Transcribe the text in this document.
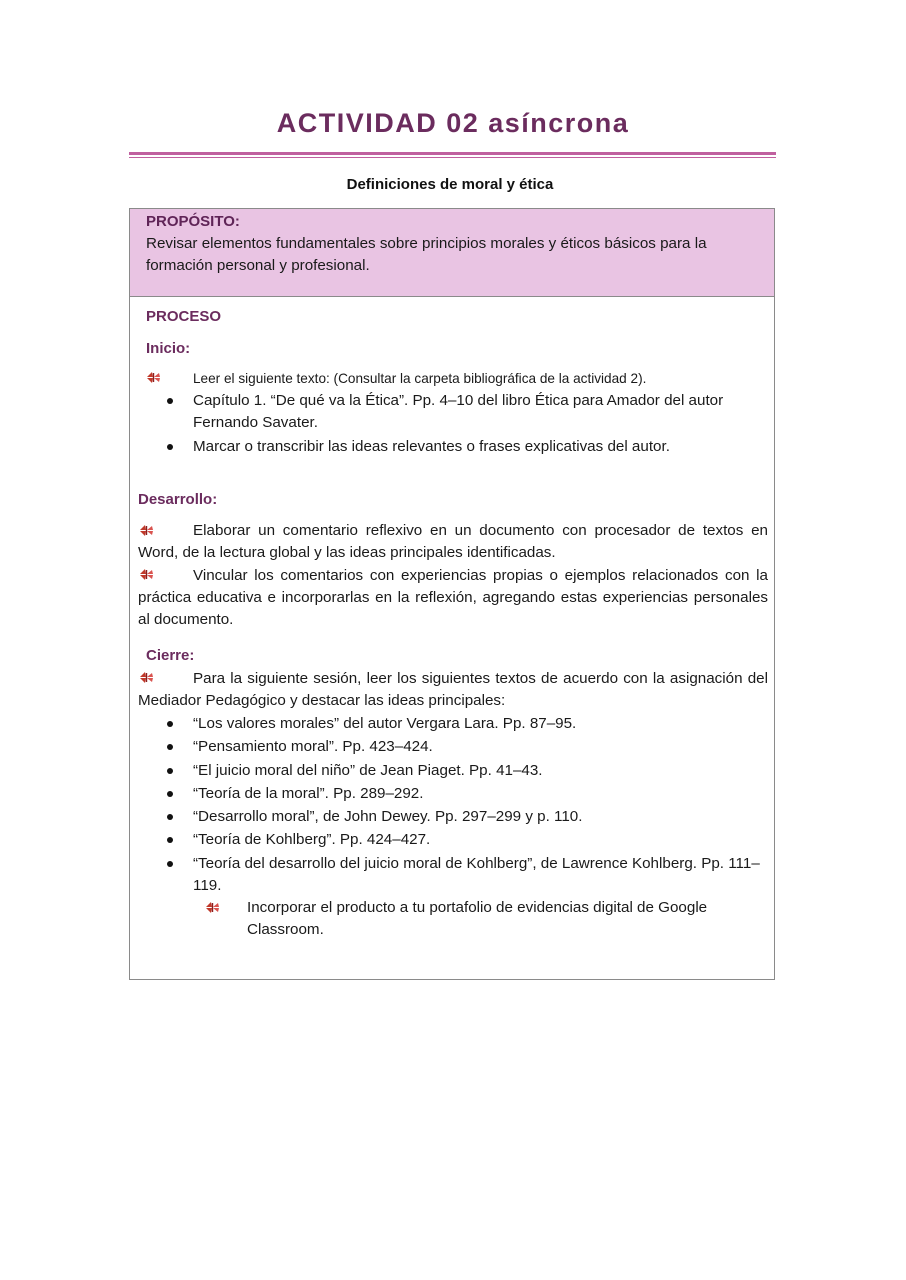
ACTIVIDAD 02 asíncrona
Definiciones de moral y ética
PROPÓSITO:
Revisar elementos fundamentales sobre principios morales y éticos básicos para la formación personal y profesional.
PROCESO
Inicio:
Leer el siguiente texto: (Consultar la carpeta bibliográfica de la actividad 2).
Capítulo 1. “De qué va la Ética”. Pp. 4–10 del libro Ética para Amador del autor Fernando Savater.
Marcar o transcribir las ideas relevantes o frases explicativas del autor.
Desarrollo:
Elaborar un comentario reflexivo en un documento con procesador de textos en Word, de la lectura global y las ideas principales identificadas.
Vincular los comentarios con experiencias propias o ejemplos relacionados con la práctica educativa e incorporarlas en la reflexión, agregando estas experiencias personales al documento.
Cierre:
Para la siguiente sesión, leer los siguientes textos de acuerdo con la asignación del Mediador Pedagógico y destacar las ideas principales:
“Los valores morales” del autor Vergara Lara. Pp. 87–95.
“Pensamiento moral”. Pp. 423–424.
“El juicio moral del niño” de Jean Piaget. Pp. 41–43.
“Teoría de la moral”. Pp. 289–292.
“Desarrollo moral”, de John Dewey. Pp. 297–299 y p. 110.
“Teoría de Kohlberg”. Pp. 424–427.
“Teoría del desarrollo del juicio moral de Kohlberg”, de Lawrence Kohlberg. Pp. 111–119.
Incorporar el producto a tu portafolio de evidencias digital de Google Classroom.
